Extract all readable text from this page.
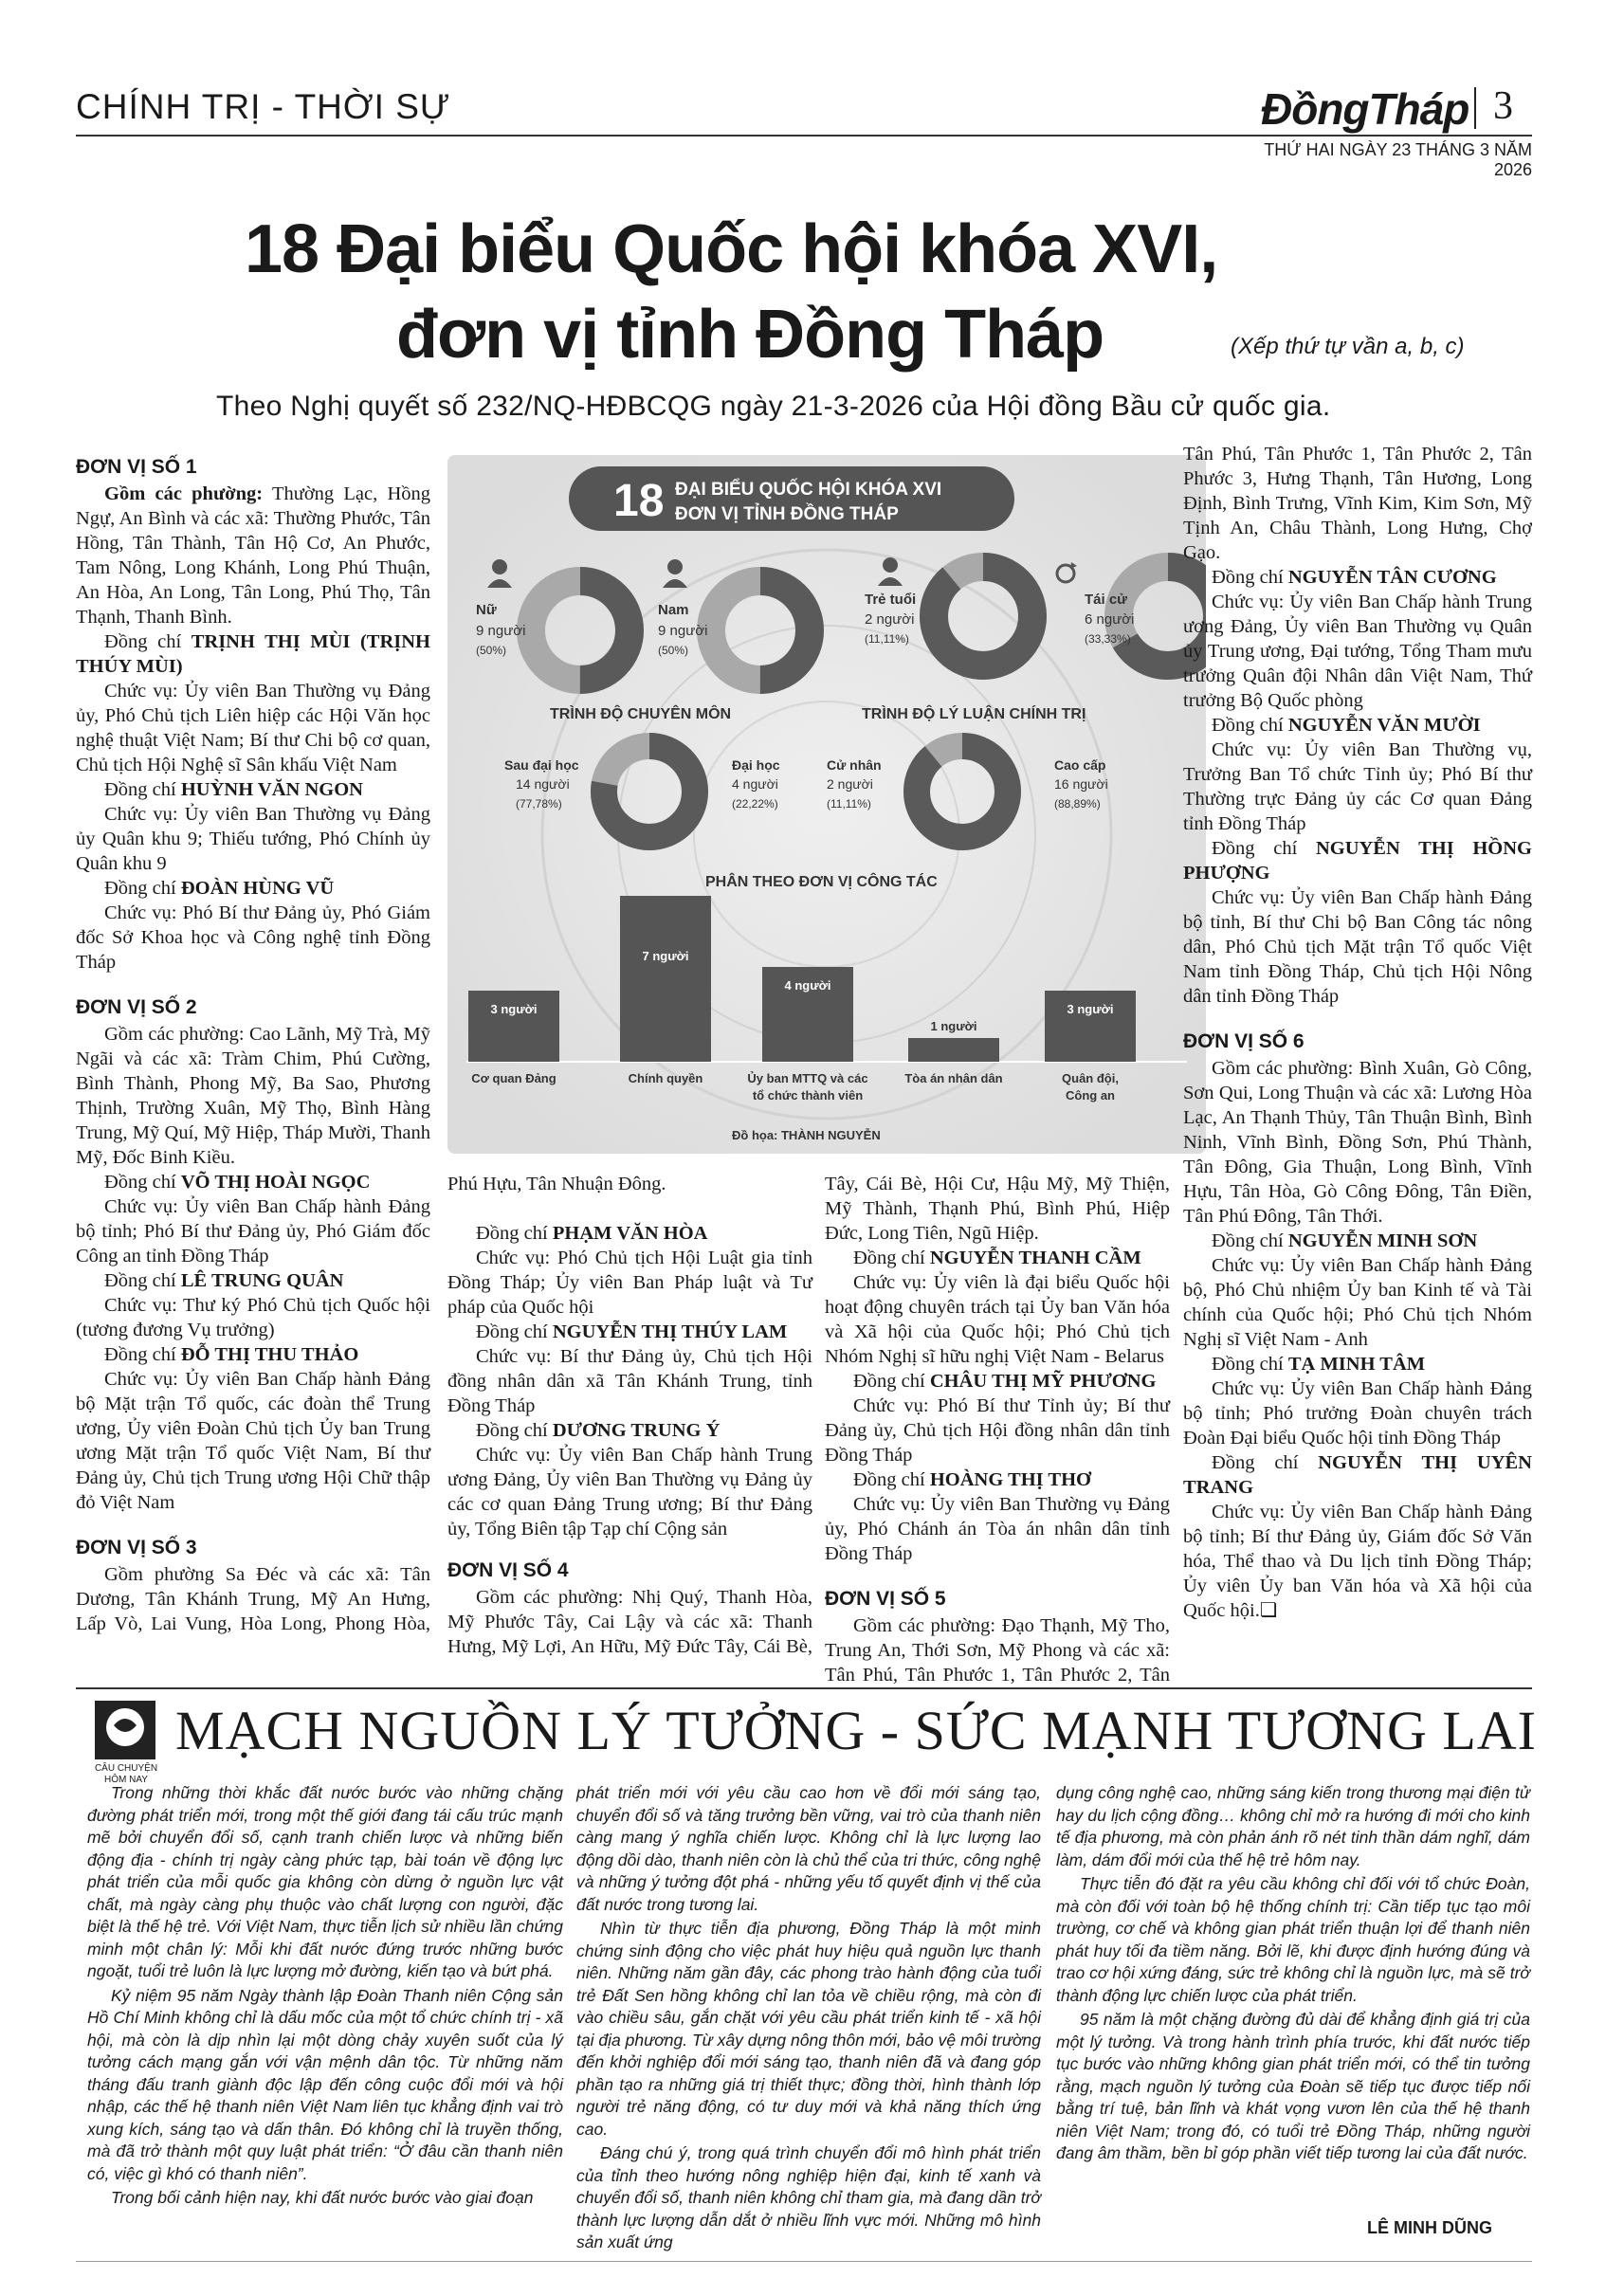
CHÍNH TRỊ - THỜI SỰ	ĐồngTháp 3
THỨ HAI NGÀY 23 THÁNG 3 NĂM 2026
18 Đại biểu Quốc hội khóa XVI,
đơn vị tỉnh Đồng Tháp	(Xếp thứ tự vần a, b, c)
Theo Nghị quyết số 232/NQ-HĐBCQG ngày 21-3-2026 của Hội đồng Bầu cử quốc gia.
ĐƠN VỊ SỐ 1

Gồm các phường: Thường Lạc, Hồng Ngự, An Bình và các xã: Thường Phước, Tân Hồng, Tân Thành, Tân Hộ Cơ, An Phước, Tam Nông, Long Khánh, Long Phú Thuận, An Hòa, An Long, Tân Long, Phú Thọ, Tân Thạnh, Thanh Bình.

Đồng chí TRỊNH THỊ MÙI (TRỊNH THÚY MÙI)

Chức vụ: Ủy viên Ban Thường vụ Đảng ủy, Phó Chủ tịch Liên hiệp các Hội Văn học nghệ thuật Việt Nam; Bí thư Chi bộ cơ quan, Chủ tịch Hội Nghệ sĩ Sân khấu Việt Nam

Đồng chí HUỲNH VĂN NGON

Chức vụ: Ủy viên Ban Thường vụ Đảng ủy Quân khu 9; Thiếu tướng, Phó Chính ủy Quân khu 9

Đồng chí ĐOÀN HÙNG VŨ

Chức vụ: Phó Bí thư Đảng ủy, Phó Giám đốc Sở Khoa học và Công nghệ tỉnh Đồng Tháp

ĐƠN VỊ SỐ 2

Gồm các phường: Cao Lãnh, Mỹ Trà, Mỹ Ngãi và các xã: Tràm Chim, Phú Cường, Bình Thành, Phong Mỹ, Ba Sao, Phương Thịnh, Trường Xuân, Mỹ Thọ, Bình Hàng Trung, Mỹ Quí, Mỹ Hiệp, Tháp Mười, Thanh Mỹ, Đốc Binh Kiều.

Đồng chí VÕ THỊ HOÀI NGỌC

Chức vụ: Ủy viên Ban Chấp hành Đảng bộ tỉnh; Phó Bí thư Đảng ủy, Phó Giám đốc Công an tỉnh Đồng Tháp

Đồng chí LÊ TRUNG QUÂN

Chức vụ: Thư ký Phó Chủ tịch Quốc hội (tương đương Vụ trưởng)

Đồng chí ĐỖ THỊ THU THẢO

Chức vụ: Ủy viên Ban Chấp hành Đảng bộ Mặt trận Tổ quốc, các đoàn thể Trung ương, Ủy viên Đoàn Chủ tịch Ủy ban Trung ương Mặt trận Tổ quốc Việt Nam, Bí thư Đảng ủy, Chủ tịch Trung ương Hội Chữ thập đỏ Việt Nam

ĐƠN VỊ SỐ 3

Gồm phường Sa Đéc và các xã: Tân Dương, Tân Khánh Trung, Mỹ An Hưng, Lấp Vò, Lai Vung, Hòa Long, Phong Hòa,

18 ĐẠI BIỂU QUỐC HỘI KHÓA XVI
ĐƠN VỊ TỈNH ĐỒNG THÁP
Nữ
9 người
(50%)
Nam
9 người
(50%)
Trẻ tuổi
2 người
(11,11%)
Tái cử
6 người
(33,33%)
TRÌNH ĐỘ CHUYÊN MÔN	TRÌNH ĐỘ LÝ LUẬN CHÍNH TRỊ
Sau đại học
14 người
(77,78%)
Đại học
4 người
(22,22%)
Cử nhân
2 người
(11,11%)
Cao cấp
16 người
(88,89%)
PHÂN THEO ĐƠN VỊ CÔNG TÁC
3 người
Cơ quan Đảng
7 người
Chính quyền
4 người
Ủy ban MTTQ và các
tổ chức thành viên
1 người
Tòa án nhân dân
3 người
Quân đội,
Công an
Đồ họa: THÀNH NGUYỄN

Phú Hựu, Tân Nhuận Đông.

Đồng chí PHẠM VĂN HÒA

Chức vụ: Phó Chủ tịch Hội Luật gia tỉnh Đồng Tháp; Ủy viên Ban Pháp luật và Tư pháp của Quốc hội

Đồng chí NGUYỄN THỊ THÚY LAM

Chức vụ: Bí thư Đảng ủy, Chủ tịch Hội đồng nhân dân xã Tân Khánh Trung, tỉnh Đồng Tháp

Đồng chí DƯƠNG TRUNG Ý

Chức vụ: Ủy viên Ban Chấp hành Trung ương Đảng, Ủy viên Ban Thường vụ Đảng ủy các cơ quan Đảng Trung ương; Bí thư Đảng ủy, Tổng Biên tập Tạp chí Cộng sản

ĐƠN VỊ SỐ 4

Gồm các phường: Nhị Quý, Thanh Hòa, Mỹ Phước Tây, Cai Lậy và các xã: Thanh Hưng, Mỹ Lợi, An Hữu, Mỹ Đức Tây, Cái Bè,

Tây, Cái Bè, Hội Cư, Hậu Mỹ, Mỹ Thiện, Mỹ Thành, Thạnh Phú, Bình Phú, Hiệp Đức, Long Tiên, Ngũ Hiệp.

Đồng chí NGUYỄN THANH CẦM

Chức vụ: Ủy viên là đại biểu Quốc hội hoạt động chuyên trách tại Ủy ban Văn hóa và Xã hội của Quốc hội; Phó Chủ tịch Nhóm Nghị sĩ hữu nghị Việt Nam - Belarus

Đồng chí CHÂU THỊ MỸ PHƯƠNG

Chức vụ: Phó Bí thư Tỉnh ủy; Bí thư Đảng ủy, Chủ tịch Hội đồng nhân dân tỉnh Đồng Tháp

Đồng chí HOÀNG THỊ THƠ

Chức vụ: Ủy viên Ban Thường vụ Đảng ủy, Phó Chánh án Tòa án nhân dân tỉnh Đồng Tháp

ĐƠN VỊ SỐ 5

Gồm các phường: Đạo Thạnh, Mỹ Tho, Trung An, Thới Sơn, Mỹ Phong và các xã: Tân Phú, Tân Phước 1, Tân Phước 2, Tân

Tân Phú, Tân Phước 1, Tân Phước 2, Tân Phước 3, Hưng Thạnh, Tân Hương, Long Định, Bình Trưng, Vĩnh Kim, Kim Sơn, Mỹ Tịnh An, Châu Thành, Long Hưng, Chợ Gạo.

Đồng chí NGUYỄN TÂN CƯƠNG

Chức vụ: Ủy viên Ban Chấp hành Trung ương Đảng, Ủy viên Ban Thường vụ Quân ủy Trung ương, Đại tướng, Tổng Tham mưu trưởng Quân đội Nhân dân Việt Nam, Thứ trưởng Bộ Quốc phòng

Đồng chí NGUYỄN VĂN MƯỜI

Chức vụ: Ủy viên Ban Thường vụ, Trưởng Ban Tổ chức Tỉnh ủy; Phó Bí thư Thường trực Đảng ủy các Cơ quan Đảng tỉnh Đồng Tháp

Đồng chí NGUYỄN THỊ HỒNG PHƯỢNG

Chức vụ: Ủy viên Ban Chấp hành Đảng bộ tỉnh, Bí thư Chi bộ Ban Công tác nông dân, Phó Chủ tịch Mặt trận Tổ quốc Việt Nam tỉnh Đồng Tháp, Chủ tịch Hội Nông dân tỉnh Đồng Tháp

ĐƠN VỊ SỐ 6

Gồm các phường: Bình Xuân, Gò Công, Sơn Qui, Long Thuận và các xã: Lương Hòa Lạc, An Thạnh Thủy, Tân Thuận Bình, Bình Ninh, Vĩnh Bình, Đồng Sơn, Phú Thành, Tân Đông, Gia Thuận, Long Bình, Vĩnh Hựu, Tân Hòa, Gò Công Đông, Tân Điền, Tân Phú Đông, Tân Thới.

Đồng chí NGUYỄN MINH SƠN

Chức vụ: Ủy viên Ban Chấp hành Đảng bộ, Phó Chủ nhiệm Ủy ban Kinh tế và Tài chính của Quốc hội; Phó Chủ tịch Nhóm Nghị sĩ Việt Nam - Anh

Đồng chí TẠ MINH TÂM

Chức vụ: Ủy viên Ban Chấp hành Đảng bộ tỉnh; Phó trưởng Đoàn chuyên trách Đoàn Đại biểu Quốc hội tỉnh Đồng Tháp

Đồng chí NGUYỄN THỊ UYÊN TRANG

Chức vụ: Ủy viên Ban Chấp hành Đảng bộ tỉnh; Bí thư Đảng ủy, Giám đốc Sở Văn hóa, Thể thao và Du lịch tỉnh Đồng Tháp; Ủy viên Ủy ban Văn hóa và Xã hội của Quốc hội.❏

CÂU CHUYỆN HÔM NAY
MẠCH NGUỒN LÝ TƯỞNG - SỨC MẠNH TƯƠNG LAI

Trong những thời khắc đất nước bước vào những chặng đường phát triển mới, trong một thế giới đang tái cấu trúc mạnh mẽ bởi chuyển đổi số, cạnh tranh chiến lược và những biến động địa - chính trị ngày càng phức tạp, bài toán về động lực phát triển của mỗi quốc gia không còn dừng ở nguồn lực vật chất, mà ngày càng phụ thuộc vào chất lượng con người, đặc biệt là thế hệ trẻ. Với Việt Nam, thực tiễn lịch sử nhiều lần chứng minh một chân lý: Mỗi khi đất nước đứng trước những bước ngoặt, tuổi trẻ luôn là lực lượng mở đường, kiến tạo và bứt phá.

Kỷ niệm 95 năm Ngày thành lập Đoàn Thanh niên Cộng sản Hồ Chí Minh không chỉ là dấu mốc của một tổ chức chính trị - xã hội, mà còn là dịp nhìn lại một dòng chảy xuyên suốt của lý tưởng cách mạng gắn với vận mệnh dân tộc. Từ những năm tháng đấu tranh giành độc lập đến công cuộc đổi mới và hội nhập, các thế hệ thanh niên Việt Nam liên tục khẳng định vai trò xung kích, sáng tạo và dấn thân. Đó không chỉ là truyền thống, mà đã trở thành một quy luật phát triển: “Ở đâu cần thanh niên có, việc gì khó có thanh niên”.

Trong bối cảnh hiện nay, khi đất nước bước vào giai đoạn

phát triển mới với yêu cầu cao hơn về đổi mới sáng tạo, chuyển đổi số và tăng trưởng bền vững, vai trò của thanh niên càng mang ý nghĩa chiến lược. Không chỉ là lực lượng lao động dồi dào, thanh niên còn là chủ thể của tri thức, công nghệ và những ý tưởng đột phá - những yếu tố quyết định vị thế của đất nước trong tương lai.

Nhìn từ thực tiễn địa phương, Đồng Tháp là một minh chứng sinh động cho việc phát huy hiệu quả nguồn lực thanh niên. Những năm gần đây, các phong trào hành động của tuổi trẻ Đất Sen hồng không chỉ lan tỏa về chiều rộng, mà còn đi vào chiều sâu, gắn chặt với yêu cầu phát triển kinh tế - xã hội tại địa phương. Từ xây dựng nông thôn mới, bảo vệ môi trường đến khởi nghiệp đổi mới sáng tạo, thanh niên đã và đang góp phần tạo ra những giá trị thiết thực; đồng thời, hình thành lớp người trẻ năng động, có tư duy mới và khả năng thích ứng cao.

Đáng chú ý, trong quá trình chuyển đổi mô hình phát triển của tỉnh theo hướng nông nghiệp hiện đại, kinh tế xanh và chuyển đổi số, thanh niên không chỉ tham gia, mà đang dần trở thành lực lượng dẫn dắt ở nhiều lĩnh vực mới. Những mô hình sản xuất ứng

dụng công nghệ cao, những sáng kiến trong thương mại điện tử hay du lịch cộng đồng… không chỉ mở ra hướng đi mới cho kinh tế địa phương, mà còn phản ánh rõ nét tinh thần dám nghĩ, dám làm, dám đổi mới của thế hệ trẻ hôm nay.

Thực tiễn đó đặt ra yêu cầu không chỉ đối với tổ chức Đoàn, mà còn đối với toàn bộ hệ thống chính trị: Cần tiếp tục tạo môi trường, cơ chế và không gian phát triển thuận lợi để thanh niên phát huy tối đa tiềm năng. Bởi lẽ, khi được định hướng đúng và trao cơ hội xứng đáng, sức trẻ không chỉ là nguồn lực, mà sẽ trở thành động lực chiến lược của phát triển.

95 năm là một chặng đường đủ dài để khẳng định giá trị của một lý tưởng. Và trong hành trình phía trước, khi đất nước tiếp tục bước vào những không gian phát triển mới, có thể tin tưởng rằng, mạch nguồn lý tưởng của Đoàn sẽ tiếp tục được tiếp nối bằng trí tuệ, bản lĩnh và khát vọng vươn lên của thế hệ thanh niên Việt Nam; trong đó, có tuổi trẻ Đồng Tháp, những người đang âm thầm, bền bỉ góp phần viết tiếp tương lai của đất nước.

LÊ MINH DŨNG
